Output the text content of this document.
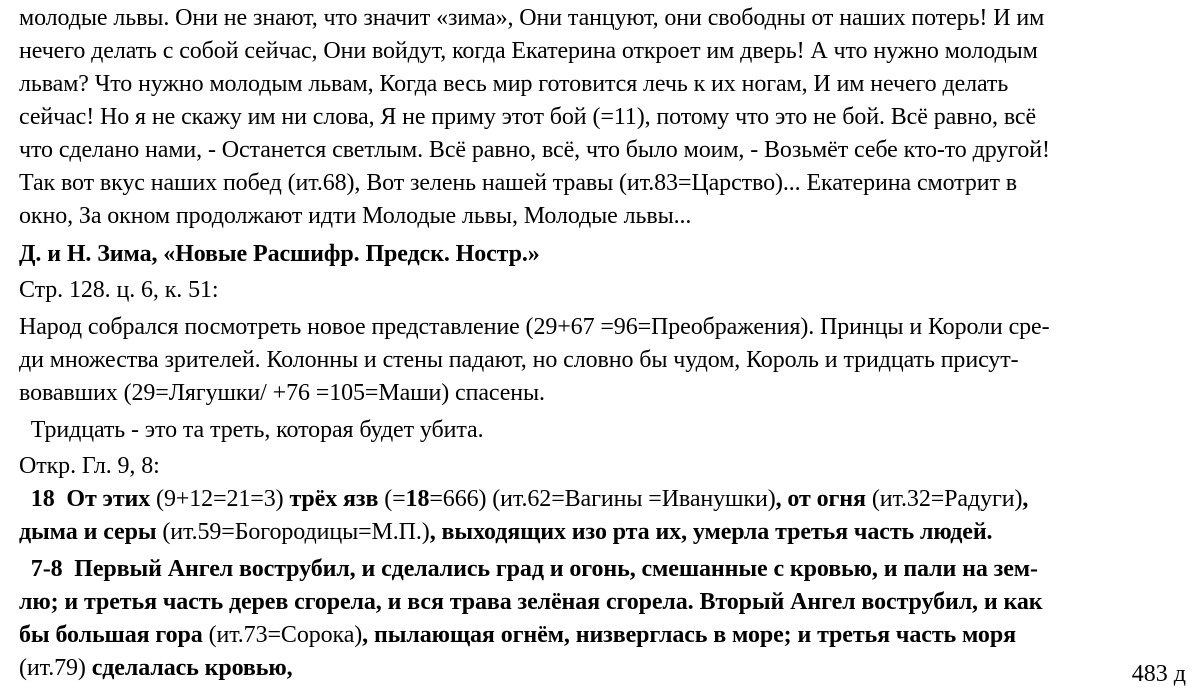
молодые львы. Они не знают, что значит «зима», Они танцуют, они свободны от наших потерь! И им
нечего делать с собой сейчас, Они войдут, когда Екатерина откроет им дверь! А что нужно молодым
львам? Что нужно молодым львам, Когда весь мир готовится лечь к их ногам, И им нечего делать
сейчас! Но я не скажу им ни слова, Я не приму этот бой (=11), потому что это не бой. Всё равно, всё
что сделано нами, - Останется светлым. Всё равно, всё, что было моим, - Возьмёт себе кто-то другой!
Так вот вкус наших побед (ит.68), Вот зелень нашей травы (ит.83=Царство)... Екатерина смотрит в
окно, За окном продолжают идти Молодые львы, Молодые львы...
Д. и Н. Зима, «Новые Расшифр. Предск. Ностр.»
Стр. 128. ц. 6, к. 51:
Народ собрался посмотреть новое представление (29+67 =96=Преображения). Принцы и Короли сре-
ди множества зрителей. Колонны и стены падают, но словно бы чудом, Король и тридцать присут-
вовавших (29=Лягушки/ +76 =105=Маши) спасены.
Тридцать - это та треть, которая будет убита.
Откр. Гл. 9, 8:
18  От этих (9+12=21=3) трёх язв (=18=666) (ит.62=Вагины =Иванушки), от огня (ит.32=Радуги),
дыма и серы (ит.59=Богородицы=М.П.), выходящих изо рта их, умерла третья часть людей.
7-8  Первый Ангел вострубил, и сделались град и огонь, смешанные с кровью, и пали на зем-
лю; и третья часть дерев сгорела, и вся трава зелёная сгорела. Вторый Ангел вострубил, и как
бы большая гора (ит.73=Сорока), пылающая огнём, низверглась в море; и третья часть моря
(ит.79) сделалась кровью,	483 д
